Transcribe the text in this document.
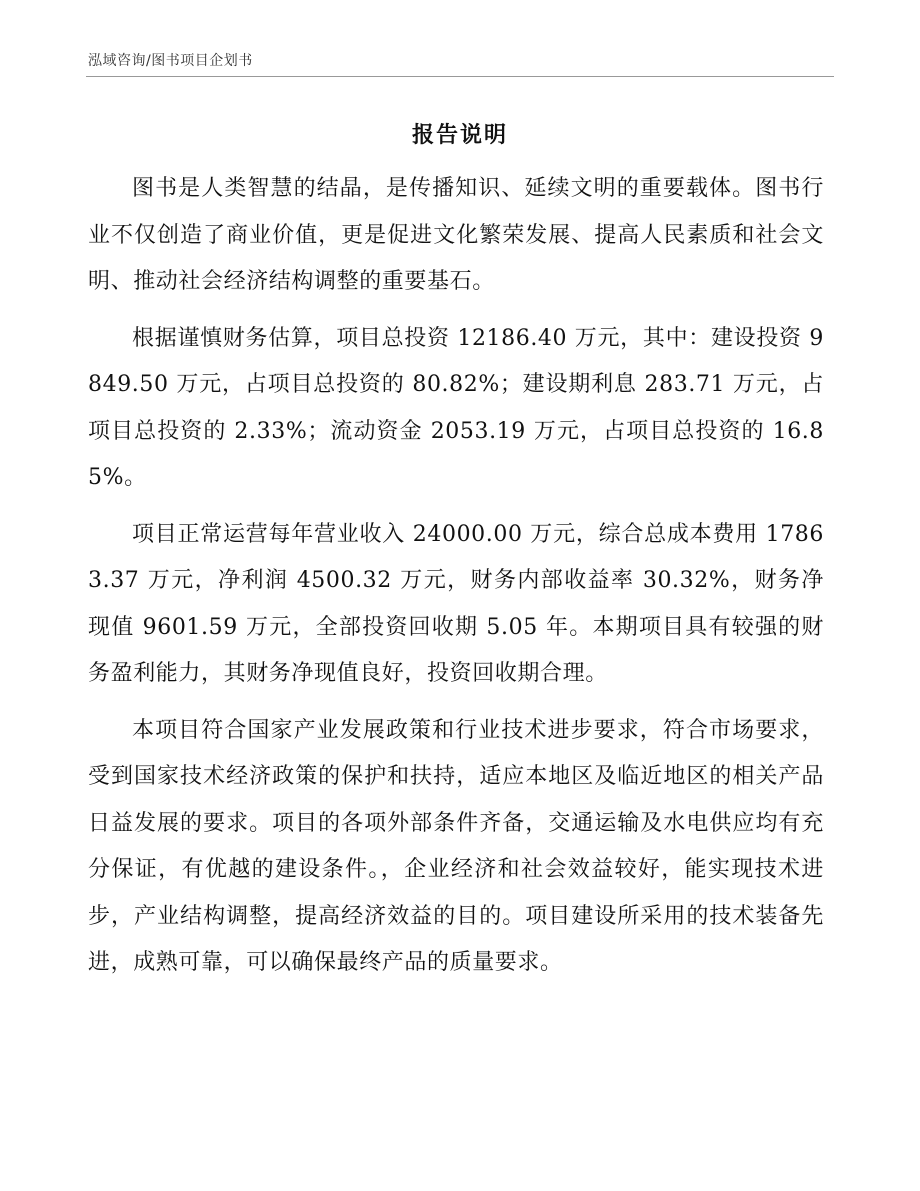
泓域咨询/图书项目企划书
报告说明

图书是人类智慧的结晶，是传播知识、延续文明的重要载体。图书行业不仅创造了商业价值，更是促进文化繁荣发展、提高人民素质和社会文明、推动社会经济结构调整的重要基石。

根据谨慎财务估算，项目总投资 12186.40 万元，其中：建设投资 9849.50 万元，占项目总投资的 80.82%；建设期利息 283.71 万元，占项目总投资的 2.33%；流动资金 2053.19 万元，占项目总投资的 16.85%。

项目正常运营每年营业收入 24000.00 万元，综合总成本费用 17863.37 万元，净利润 4500.32 万元，财务内部收益率 30.32%，财务净现值 9601.59 万元，全部投资回收期 5.05 年。本期项目具有较强的财务盈利能力，其财务净现值良好，投资回收期合理。

本项目符合国家产业发展政策和行业技术进步要求，符合市场要求，受到国家技术经济政策的保护和扶持，适应本地区及临近地区的相关产品日益发展的要求。项目的各项外部条件齐备，交通运输及水电供应均有充分保证，有优越的建设条件。，企业经济和社会效益较好，能实现技术进步，产业结构调整，提高经济效益的目的。项目建设所采用的技术装备先进，成熟可靠，可以确保最终产品的质量要求。
